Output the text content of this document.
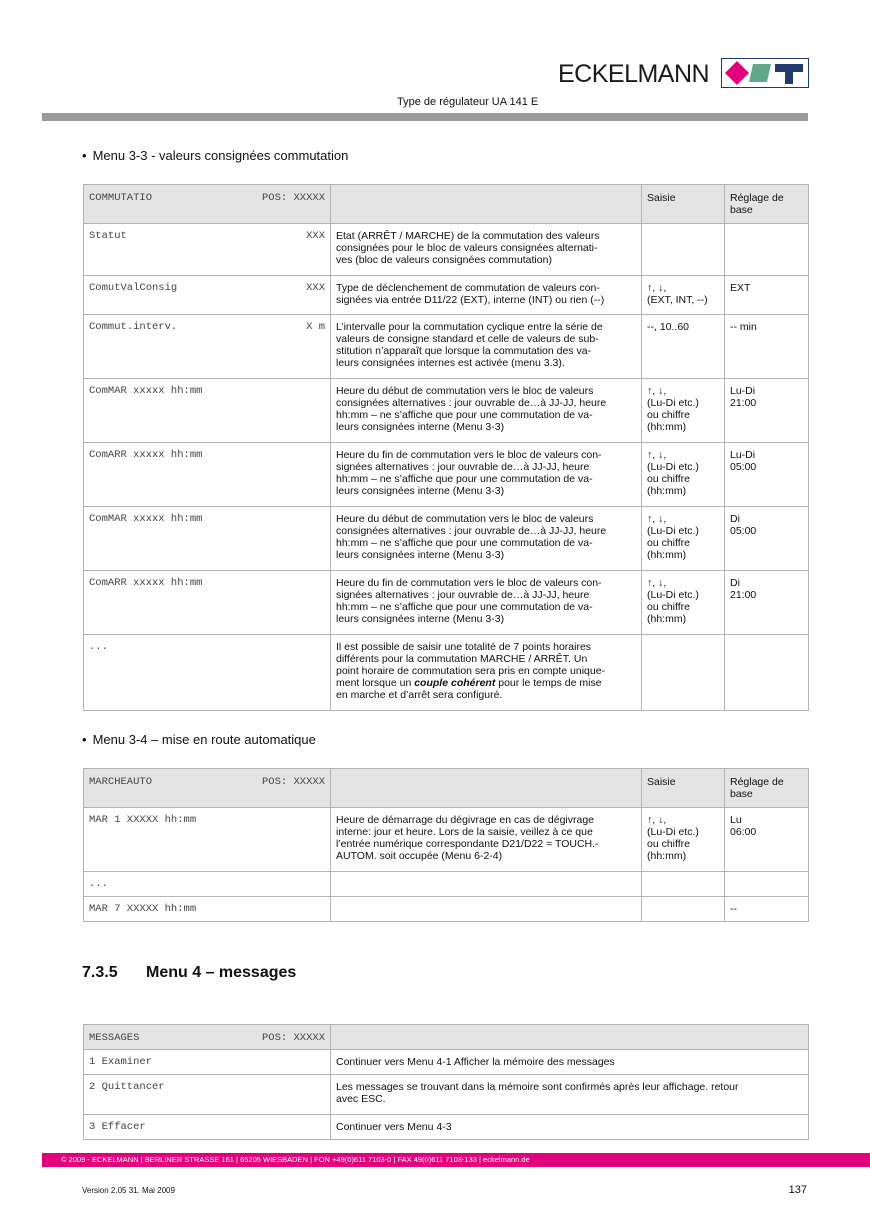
ECKELMANN
Type de régulateur UA 141 E
• Menu 3-3 - valeurs consignées commutation
COMMUTATIO POS: XXXXX		Saisie	Réglage de base
Statut XXX	Etat (ARRÊT / MARCHE) de la commutation des valeurs
consignées pour le bloc de valeurs consignées alternati-
ves (bloc de valeurs consignées commutation)		
ComutValConsig XXX	Type de déclenchement de commutation de valeurs con-
signées via entrée D11/22 (EXT), interne (INT) ou rien (--)	↑, ↓,
(EXT, INT, --)	EXT
Commut.interv. X m	L’intervalle pour la commutation cyclique entre la série de
valeurs de consigne standard et celle de valeurs de sub-
stitution n’apparaît que lorsque la commutation des va-
leurs consignées internes est activée (menu 3.3).	--, 10..60	-- min
ComMAR xxxxx hh:mm	Heure du début de commutation vers le bloc de valeurs
consignées alternatives : jour ouvrable de…à JJ-JJ, heure
hh:mm – ne s’affiche que pour une commutation de va-
leurs consignées interne (Menu 3-3)	↑, ↓,
(Lu-Di etc.)
ou chiffre
(hh:mm)	Lu-Di
21:00
ComARR xxxxx hh:mm	Heure du fin de commutation vers le bloc de valeurs con-
signées alternatives : jour ouvrable de…à JJ-JJ, heure
hh:mm – ne s’affiche que pour une commutation de va-
leurs consignées interne (Menu 3-3)	↑, ↓,
(Lu-Di etc.)
ou chiffre
(hh:mm)	Lu-Di
05:00
ComMAR xxxxx hh:mm	Heure du début de commutation vers le bloc de valeurs
consignées alternatives : jour ouvrable de…à JJ-JJ, heure
hh:mm – ne s’affiche que pour une commutation de va-
leurs consignées interne (Menu 3-3)	↑, ↓,
(Lu-Di etc.)
ou chiffre
(hh:mm)	Di
05:00
ComARR xxxxx hh:mm	Heure du fin de commutation vers le bloc de valeurs con-
signées alternatives : jour ouvrable de…à JJ-JJ, heure
hh:mm – ne s’affiche que pour une commutation de va-
leurs consignées interne (Menu 3-3)	↑, ↓,
(Lu-Di etc.)
ou chiffre
(hh:mm)	Di
21:00
...	Il est possible de saisir une totalité de 7 points horaires
différents pour la commutation MARCHE / ARRÊT. Un
point horaire de commutation sera pris en compte unique-
ment lorsque un couple cohérent pour le temps de mise
en marche et d’arrêt sera configuré.		
• Menu 3-4 – mise en route automatique
MARCHEAUTO POS: XXXXX		Saisie	Réglage de base
MAR 1 XXXXX hh:mm	Heure de démarrage du dégivrage en cas de dégivrage
interne: jour et heure. Lors de la saisie, veillez à ce que
l’entrée numérique correspondante D21/D22 = TOUCH.-
AUTOM. soit occupée (Menu 6-2-4)	↑, ↓,
(Lu-Di etc.)
ou chiffre
(hh:mm)	Lu
06:00
...			
MAR 7 XXXXX hh:mm			--
7.3.5 Menu 4 – messages
MESSAGES POS: XXXXX	

1 Examiner	Continuer vers Menu 4-1 Afficher la mémoire des messages
2 Quittancer	Les messages se trouvant dans la mémoire sont confirmés après leur affichage. retour
avec ESC.
3 Effacer	Continuer vers Menu 4-3
© 2009 - ECKELMANN | BERLINER STRASSE 161 | 65205 WIESBADEN | FON +49(0)611 7103-0 | FAX 49(0)611 7103-133 | eckelmann.de
Version 2.05 31. Mai 2009	137
